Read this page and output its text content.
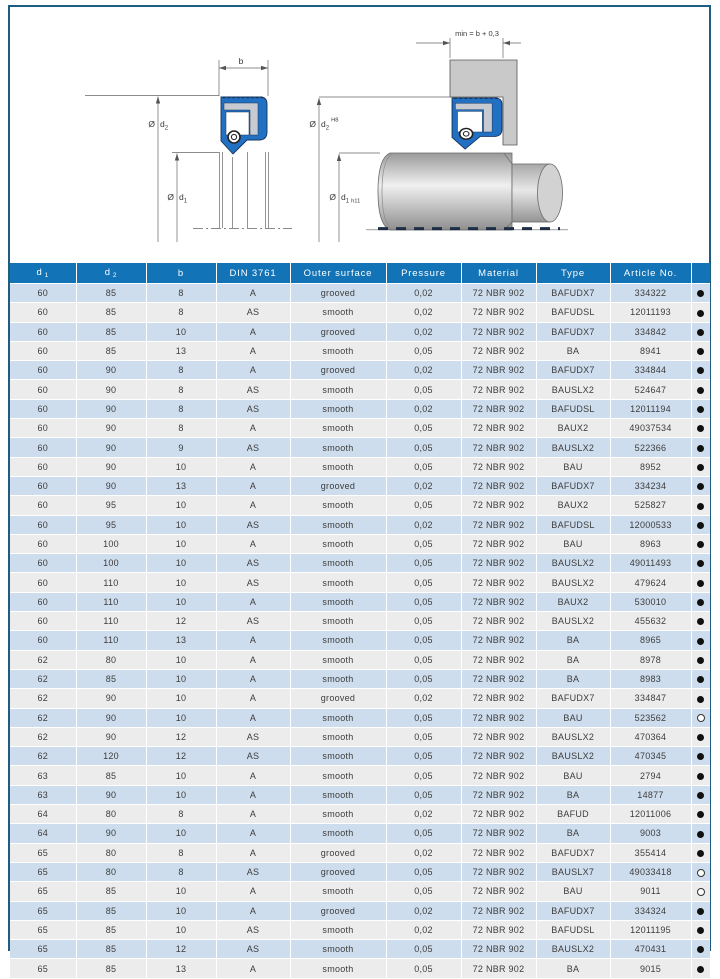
b
Ø $d_2$
Ø $d_1$
min = b + 0,3
Ø $d_2^{H8}$
Ø $d_1$ h11
d $_1$	d $_2$	b	DIN 3761	Outer surface	Pressure	Material	Type	Article No.	
60	85	8	A	grooved	0,02	72 NBR 902	BAFUDX7	334322	
60	85	8	AS	smooth	0,02	72 NBR 902	BAFUDSL	12011193	
60	85	10	A	grooved	0,02	72 NBR 902	BAFUDX7	334842	
60	85	13	A	smooth	0,05	72 NBR 902	BA	8941	
60	90	8	A	grooved	0,02	72 NBR 902	BAFUDX7	334844	
60	90	8	AS	smooth	0,05	72 NBR 902	BAUSLX2	524647	
60	90	8	AS	smooth	0,02	72 NBR 902	BAFUDSL	12011194	
60	90	8	A	smooth	0,05	72 NBR 902	BAUX2	49037534	
60	90	9	AS	smooth	0,05	72 NBR 902	BAUSLX2	522366	
60	90	10	A	smooth	0,05	72 NBR 902	BAU	8952	
60	90	13	A	grooved	0,02	72 NBR 902	BAFUDX7	334234	
60	95	10	A	smooth	0,05	72 NBR 902	BAUX2	525827	
60	95	10	AS	smooth	0,02	72 NBR 902	BAFUDSL	12000533	
60	100	10	A	smooth	0,05	72 NBR 902	BAU	8963	
60	100	10	AS	smooth	0,05	72 NBR 902	BAUSLX2	49011493	
60	110	10	AS	smooth	0,05	72 NBR 902	BAUSLX2	479624	
60	110	10	A	smooth	0,05	72 NBR 902	BAUX2	530010	
60	110	12	AS	smooth	0,05	72 NBR 902	BAUSLX2	455632	
60	110	13	A	smooth	0,05	72 NBR 902	BA	8965	
62	80	10	A	smooth	0,05	72 NBR 902	BA	8978	
62	85	10	A	smooth	0,05	72 NBR 902	BA	8983	
62	90	10	A	grooved	0,02	72 NBR 902	BAFUDX7	334847	
62	90	10	A	smooth	0,05	72 NBR 902	BAU	523562	
62	90	12	AS	smooth	0,05	72 NBR 902	BAUSLX2	470364	
62	120	12	AS	smooth	0,05	72 NBR 902	BAUSLX2	470345	
63	85	10	A	smooth	0,05	72 NBR 902	BAU	2794	
63	90	10	A	smooth	0,05	72 NBR 902	BA	14877	
64	80	8	A	smooth	0,02	72 NBR 902	BAFUD	12011006	
64	90	10	A	smooth	0,05	72 NBR 902	BA	9003	
65	80	8	A	grooved	0,02	72 NBR 902	BAFUDX7	355414	
65	80	8	AS	grooved	0,05	72 NBR 902	BAUSLX7	49033418	
65	85	10	A	smooth	0,05	72 NBR 902	BAU	9011	
65	85	10	A	grooved	0,02	72 NBR 902	BAFUDX7	334324	
65	85	10	AS	smooth	0,02	72 NBR 902	BAFUDSL	12011195	
65	85	12	AS	smooth	0,05	72 NBR 902	BAUSLX2	470431	
65	85	13	A	smooth	0,05	72 NBR 902	BA	9015	
